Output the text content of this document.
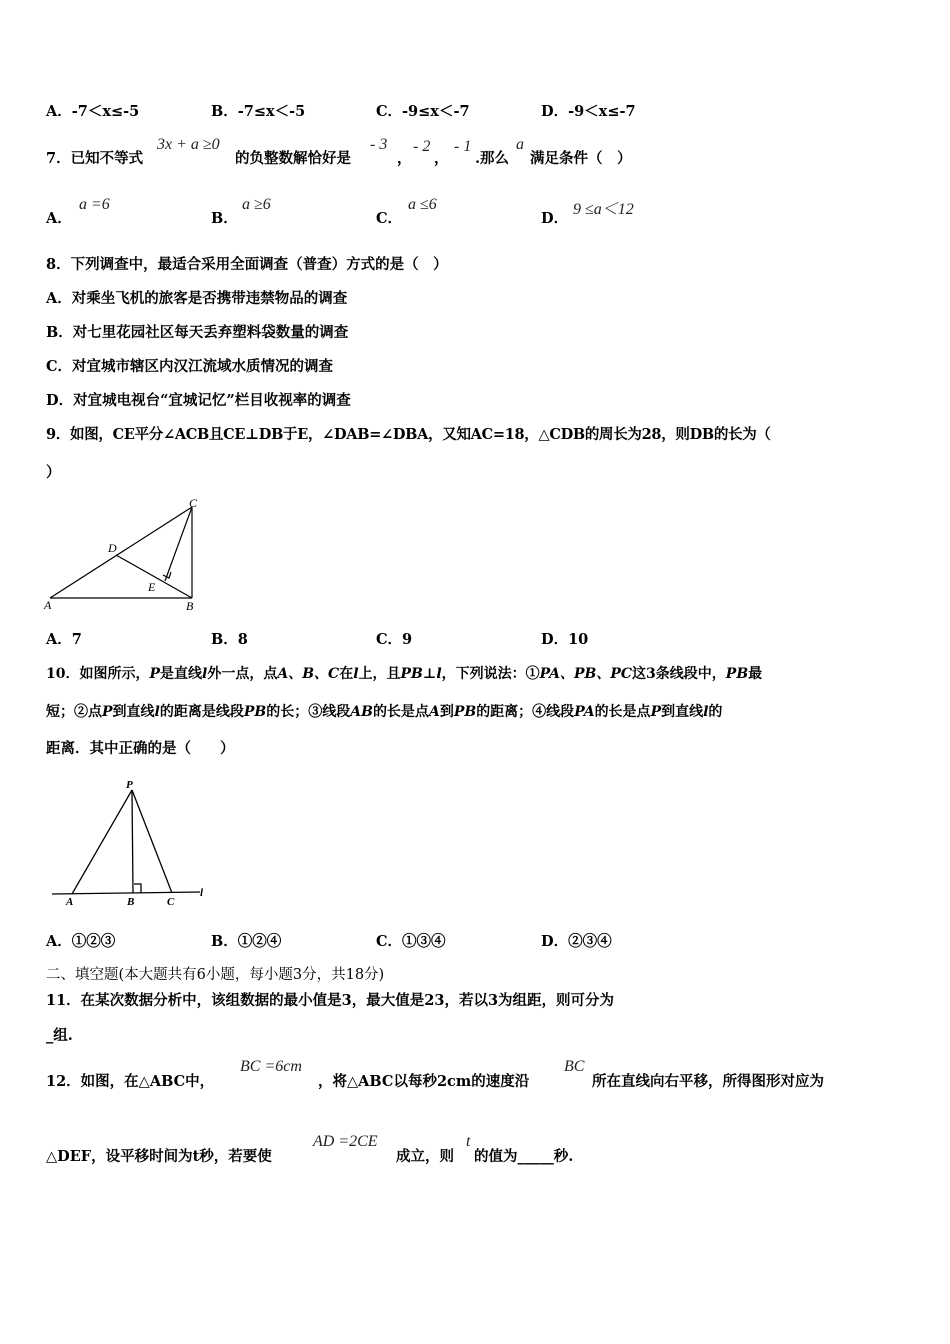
A．-7＜x≤-5	B．-7≤x＜-5	C．-9≤x＜-7	D．-9＜x≤-7
7．已知不等式
3x + a ≥0
的负整数解恰好是
- 3
，
- 2
，
- 1
.那么
a
满足条件（　）
A．
a =6
B．
a ≥6
C．
a ≤6
D．
9 ≤a＜12
8．下列调查中，最适合采用全面调查（普查）方式的是（　）
A．对乘坐飞机的旅客是否携带违禁物品的调查
B．对七里花园社区每天丢弃塑料袋数量的调查
C．对宜城市辖区内汉江流域水质情况的调查
D．对宜城电视台“宜城记忆”栏目收视率的调查
9．如图，CE平分∠ACB且CE⊥DB于E，∠DAB=∠DBA，又知AC=18，△CDB的周长为28，则DB的长为（
）
C
D
E
A	B
A．7	B．8	C．9	D．10
10．如图所示，P是直线l外一点，点A、B、C在l上，且PB⊥l，下列说法：①PA、PB、PC这3条线段中，PB最
短；②点P到直线l的距离是线段PB的长；③线段AB的长是点A到PB的距离；④线段PA的长是点P到直线l的
距离．其中正确的是（　　）
P
A	B	C
l
A．①②③	B．①②④	C．①③④	D．②③④
二、填空题(本大题共有6小题，每小题3分，共18分)
11．在某次数据分析中，该组数据的最小值是3，最大值是23，若以3为组距，则可分为
_组.
12．如图，在△ABC中，
BC =6cm
，将△ABC以每秒2cm的速度沿
BC
所在直线向右平移，所得图形对应为
△DEF，设平移时间为t秒，若要使
AD =2CE
成立，则
t
的值为_____秒.
